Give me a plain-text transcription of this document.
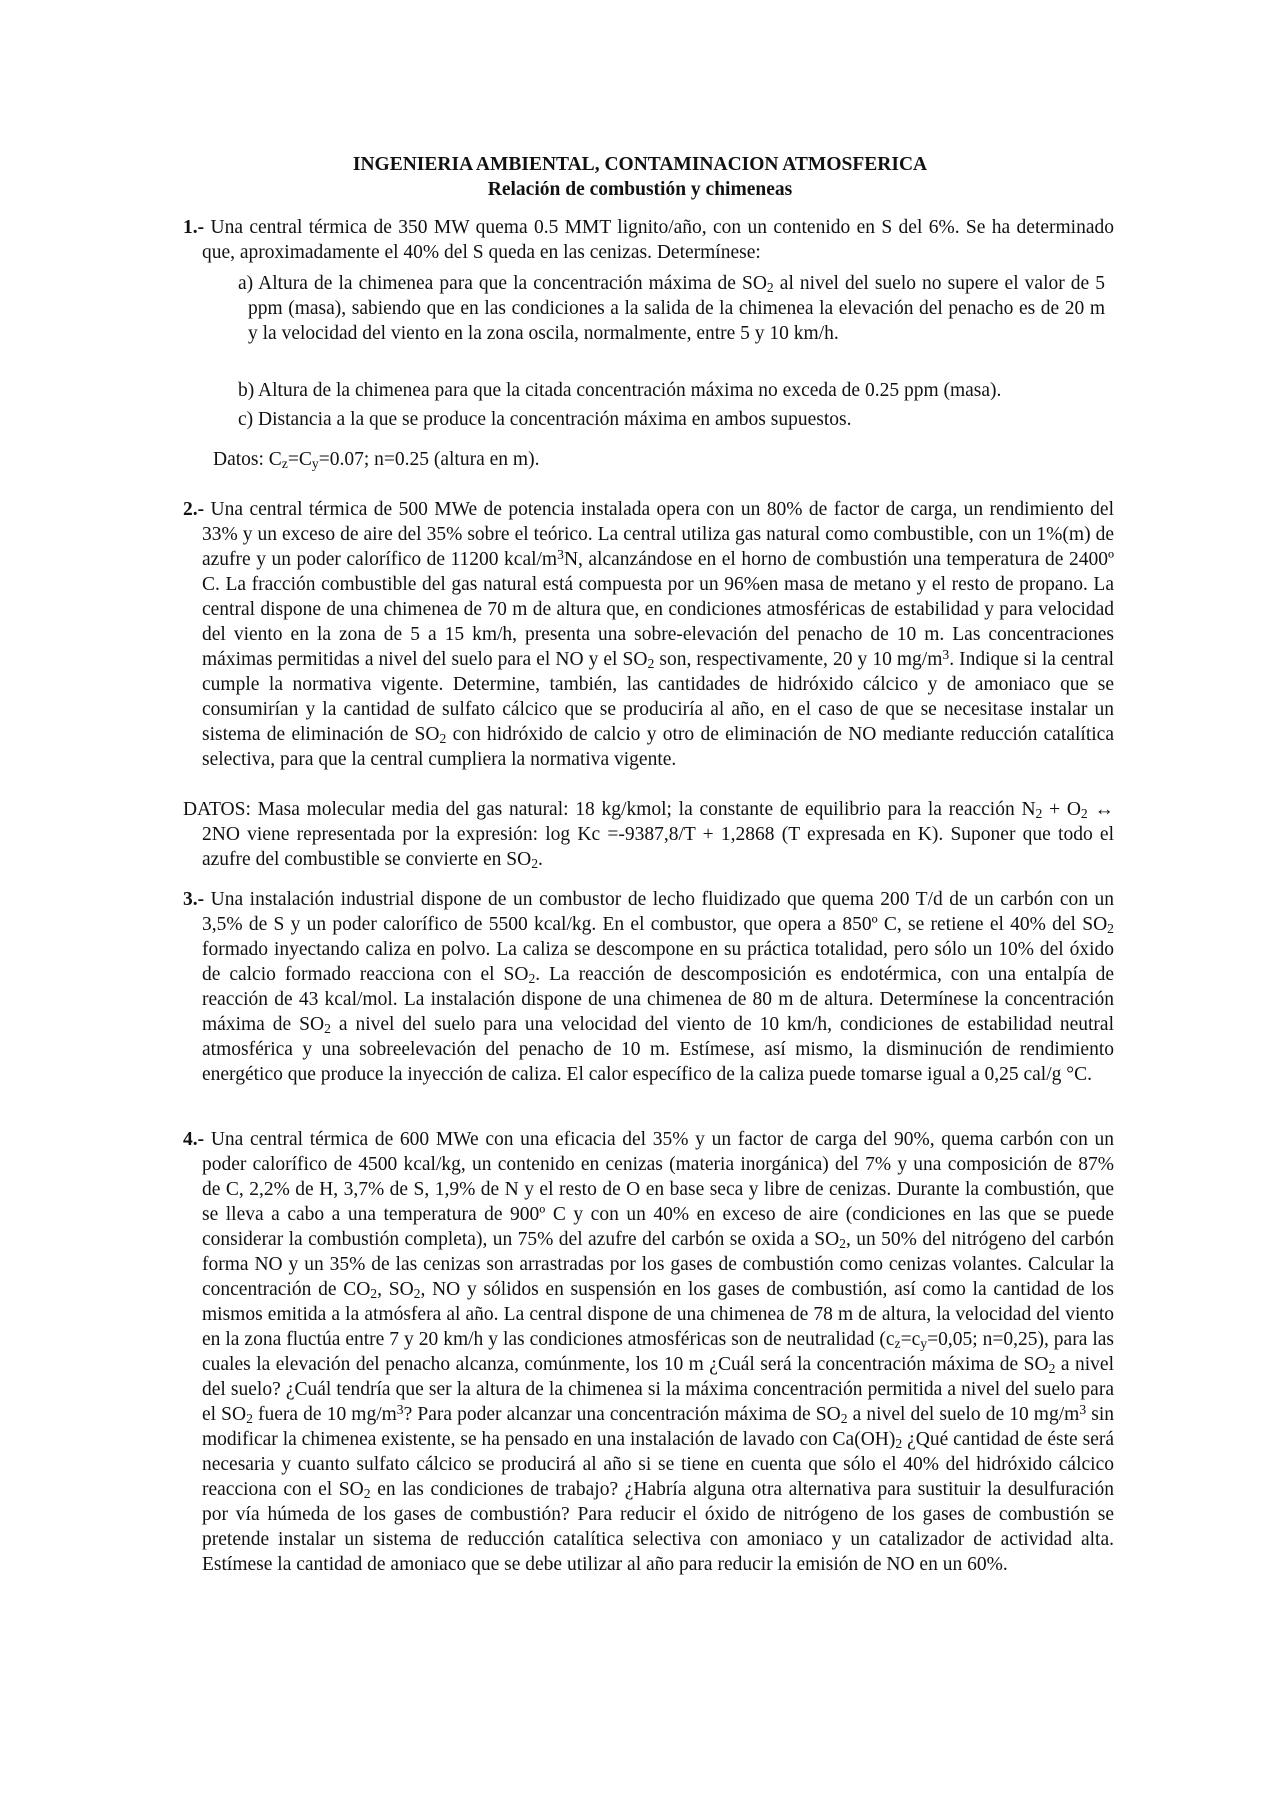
INGENIERIA AMBIENTAL, CONTAMINACION ATMOSFERICA
Relación de combustión y chimeneas
1.- Una central térmica de 350 MW quema 0.5 MMT lignito/año, con un contenido en S del 6%. Se ha determinado que, aproximadamente el 40% del S queda en las cenizas. Determínese:
a) Altura de la chimenea para que la concentración máxima de $SO_2$ al nivel del suelo no supere el valor de 5 ppm (masa), sabiendo que en las condiciones a la salida de la chimenea la elevación del penacho es de 20 m y la velocidad del viento en la zona oscila, normalmente, entre 5 y 10 km/h.
b) Altura de la chimenea para que la citada concentración máxima no exceda de 0.25 ppm (masa).
c) Distancia a la que se produce la concentración máxima en ambos supuestos.
Datos: $C_z=C_y=0.07$; n=0.25 (altura en m).
2.- Una central térmica de 500 MWe de potencia instalada opera con un 80% de factor de carga, un rendimiento del 33% y un exceso de aire del 35% sobre el teórico. La central utiliza gas natural como combustible, con un 1%(m) de azufre y un poder calorífico de 11200 kcal/$m^3N$, alcanzándose en el horno de combustión una temperatura de 2400º C. La fracción combustible del gas natural está compuesta por un 96%en masa de metano y el resto de propano. La central dispone de una chimenea de 70 m de altura que, en condiciones atmosféricas de estabilidad y para velocidad del viento en la zona de 5 a 15 km/h, presenta una sobre-elevación del penacho de 10 m. Las concentraciones máximas permitidas a nivel del suelo para el NO y el $SO_2$ son, respectivamente, 20 y 10 $mg/m^3$. Indique si la central cumple la normativa vigente. Determine, también, las cantidades de hidróxido cálcico y de amoniaco que se consumirían y la cantidad de sulfato cálcico que se produciría al año, en el caso de que se necesitase instalar un sistema de eliminación de $SO_2$ con hidróxido de calcio y otro de eliminación de NO mediante reducción catalítica selectiva, para que la central cumpliera la normativa vigente.
DATOS: Masa molecular media del gas natural: 18 kg/kmol; la constante de equilibrio para la reacción $N_2 + O_2$ ↔ 2NO viene representada por la expresión: log Kc =-9387,8/T + 1,2868 (T expresada en K). Suponer que todo el azufre del combustible se convierte en $SO_2$.
3.- Una instalación industrial dispone de un combustor de lecho fluidizado que quema 200 T/d de un carbón con un 3,5% de S y un poder calorífico de 5500 kcal/kg. En el combustor, que opera a 850º C, se retiene el 40% del $SO_2$ formado inyectando caliza en polvo. La caliza se descompone en su práctica totalidad, pero sólo un 10% del óxido de calcio formado reacciona con el $SO_2$. La reacción de descomposición es endotérmica, con una entalpía de reacción de 43 kcal/mol. La instalación dispone de una chimenea de 80 m de altura. Determínese la concentración máxima de $SO_2$ a nivel del suelo para una velocidad del viento de 10 km/h, condiciones de estabilidad neutral atmosférica y una sobreelevación del penacho de 10 m. Estímese, así mismo, la disminución de rendimiento energético que produce la inyección de caliza. El calor específico de la caliza puede tomarse igual a 0,25 cal/g °C.
4.- Una central térmica de 600 MWe con una eficacia del 35% y un factor de carga del 90%, quema carbón con un poder calorífico de 4500 kcal/kg, un contenido en cenizas (materia inorgánica) del 7% y una composición de 87% de C, 2,2% de H, 3,7% de S, 1,9% de N y el resto de O en base seca y libre de cenizas. Durante la combustión, que se lleva a cabo a una temperatura de 900º C y con un 40% en exceso de aire (condiciones en las que se puede considerar la combustión completa), un 75% del azufre del carbón se oxida a $SO_2$, un 50% del nitrógeno del carbón forma NO y un 35% de las cenizas son arrastradas por los gases de combustión como cenizas volantes. Calcular la concentración de $CO_2$, $SO_2$, NO y sólidos en suspensión en los gases de combustión, así como la cantidad de los mismos emitida a la atmósfera al año. La central dispone de una chimenea de 78 m de altura, la velocidad del viento en la zona fluctúa entre 7 y 20 km/h y las condiciones atmosféricas son de neutralidad ($c_z=c_y=0,05$; n=0,25), para las cuales la elevación del penacho alcanza, comúnmente, los 10 m ¿Cuál será la concentración máxima de $SO_2$ a nivel del suelo? ¿Cuál tendría que ser la altura de la chimenea si la máxima concentración permitida a nivel del suelo para el $SO_2$ fuera de 10 $mg/m^3$? Para poder alcanzar una concentración máxima de $SO_2$ a nivel del suelo de 10 $mg/m^3$ sin modificar la chimenea existente, se ha pensado en una instalación de lavado con $Ca(OH)_2$ ¿Qué cantidad de éste será necesaria y cuanto sulfato cálcico se producirá al año si se tiene en cuenta que sólo el 40% del hidróxido cálcico reacciona con el $SO_2$ en las condiciones de trabajo? ¿Habría alguna otra alternativa para sustituir la desulfuración por vía húmeda de los gases de combustión? Para reducir el óxido de nitrógeno de los gases de combustión se pretende instalar un sistema de reducción catalítica selectiva con amoniaco y un catalizador de actividad alta. Estímese la cantidad de amoniaco que se debe utilizar al año para reducir la emisión de NO en un 60%.
